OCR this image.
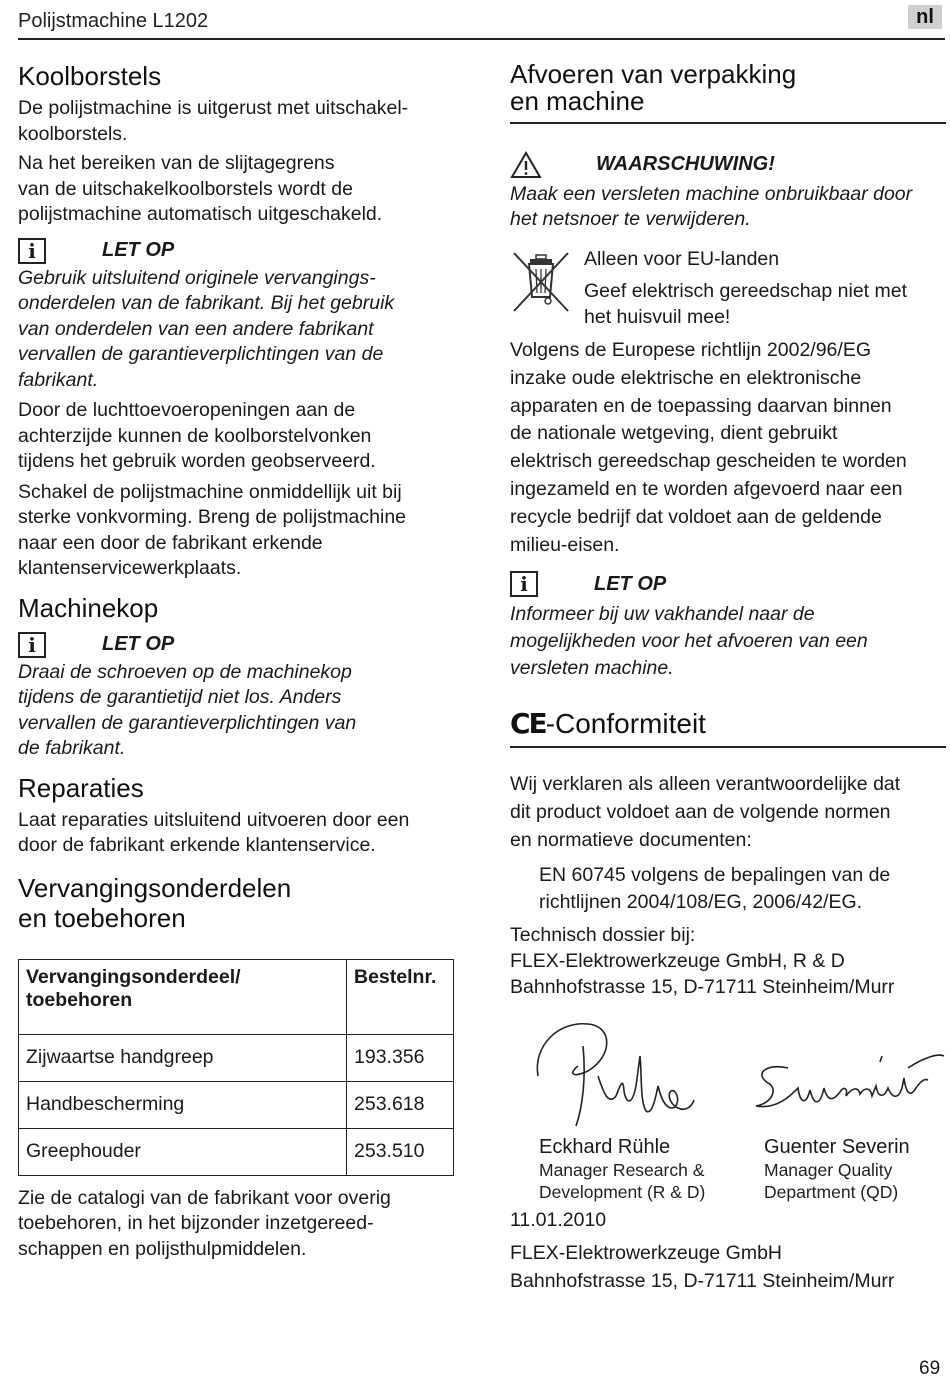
Polijstmachine L1202	nl
Koolborstels

De polijstmachine is uitgerust met uitschakel-
koolborstels.

Na het bereiken van de slijtagegrens
van de uitschakelkoolborstels wordt de
polijstmachine automatisch uitgeschakeld.

i	LET OP

Gebruik uitsluitend originele vervangings-
onderdelen van de fabrikant. Bij het gebruik
van onderdelen van een andere fabrikant
vervallen de garantieverplichtingen van de
fabrikant.

Door de luchttoevoeropeningen aan de
achterzijde kunnen de koolborstelvonken
tijdens het gebruik worden geobserveerd.

Schakel de polijstmachine onmiddellijk uit bij
sterke vonkvorming. Breng de polijstmachine
naar een door de fabrikant erkende
klantenservicewerkplaats.

Machinekop
i	LET OP

Draai de schroeven op de machinekop
tijdens de garantietijd niet los. Anders
vervallen de garantieverplichtingen van
de fabrikant.

Reparaties

Laat reparaties uitsluitend uitvoeren door een
door de fabrikant erkende klantenservice.

Vervangingsonderdelen
en toebehoren
Vervangingsonderdeel/ toebehoren	Bestelnr.
Zijwaartse handgreep	193.356
Handbescherming	253.618
Greephouder	253.510

Zie de catalogi van de fabrikant voor overig
toebehoren, in het bijzonder inzetgereed-
schappen en polijsthulpmiddelen.

Afvoeren van verpakking
en machine
WAARSCHUWING!

Maak een versleten machine onbruikbaar door
het netsnoer te verwijderen.

Alleen voor EU-landen

Geef elektrisch gereedschap niet met
het huisvuil mee!

Volgens de Europese richtlijn 2002/96/EG
inzake oude elektrische en elektronische
apparaten en de toepassing daarvan binnen
de nationale wetgeving, dient gebruikt
elektrisch gereedschap gescheiden te worden
ingezameld en te worden afgevoerd naar een
recycle bedrijf dat voldoet aan de geldende
milieu-eisen.

i	LET OP

Informeer bij uw vakhandel naar de
mogelijkheden voor het afvoeren van een
versleten machine.

CE-Conformiteit

Wij verklaren als alleen verantwoordelijke dat
dit product voldoet aan de volgende normen
en normatieve documenten:

EN 60745 volgens de bepalingen van de
richtlijnen 2004/108/EG, 2006/42/EG.

Technisch dossier bij:
FLEX-Elektrowerkzeuge GmbH, R & D
Bahnhofstrasse 15, D-71711 Steinheim/Murr

Eckhard Rühle
Manager Research &
Development (R & D)
Guenter Severin
Manager Quality
Department (QD)

11.01.2010

FLEX-Elektrowerkzeuge GmbH
Bahnhofstrasse 15, D-71711 Steinheim/Murr

69
